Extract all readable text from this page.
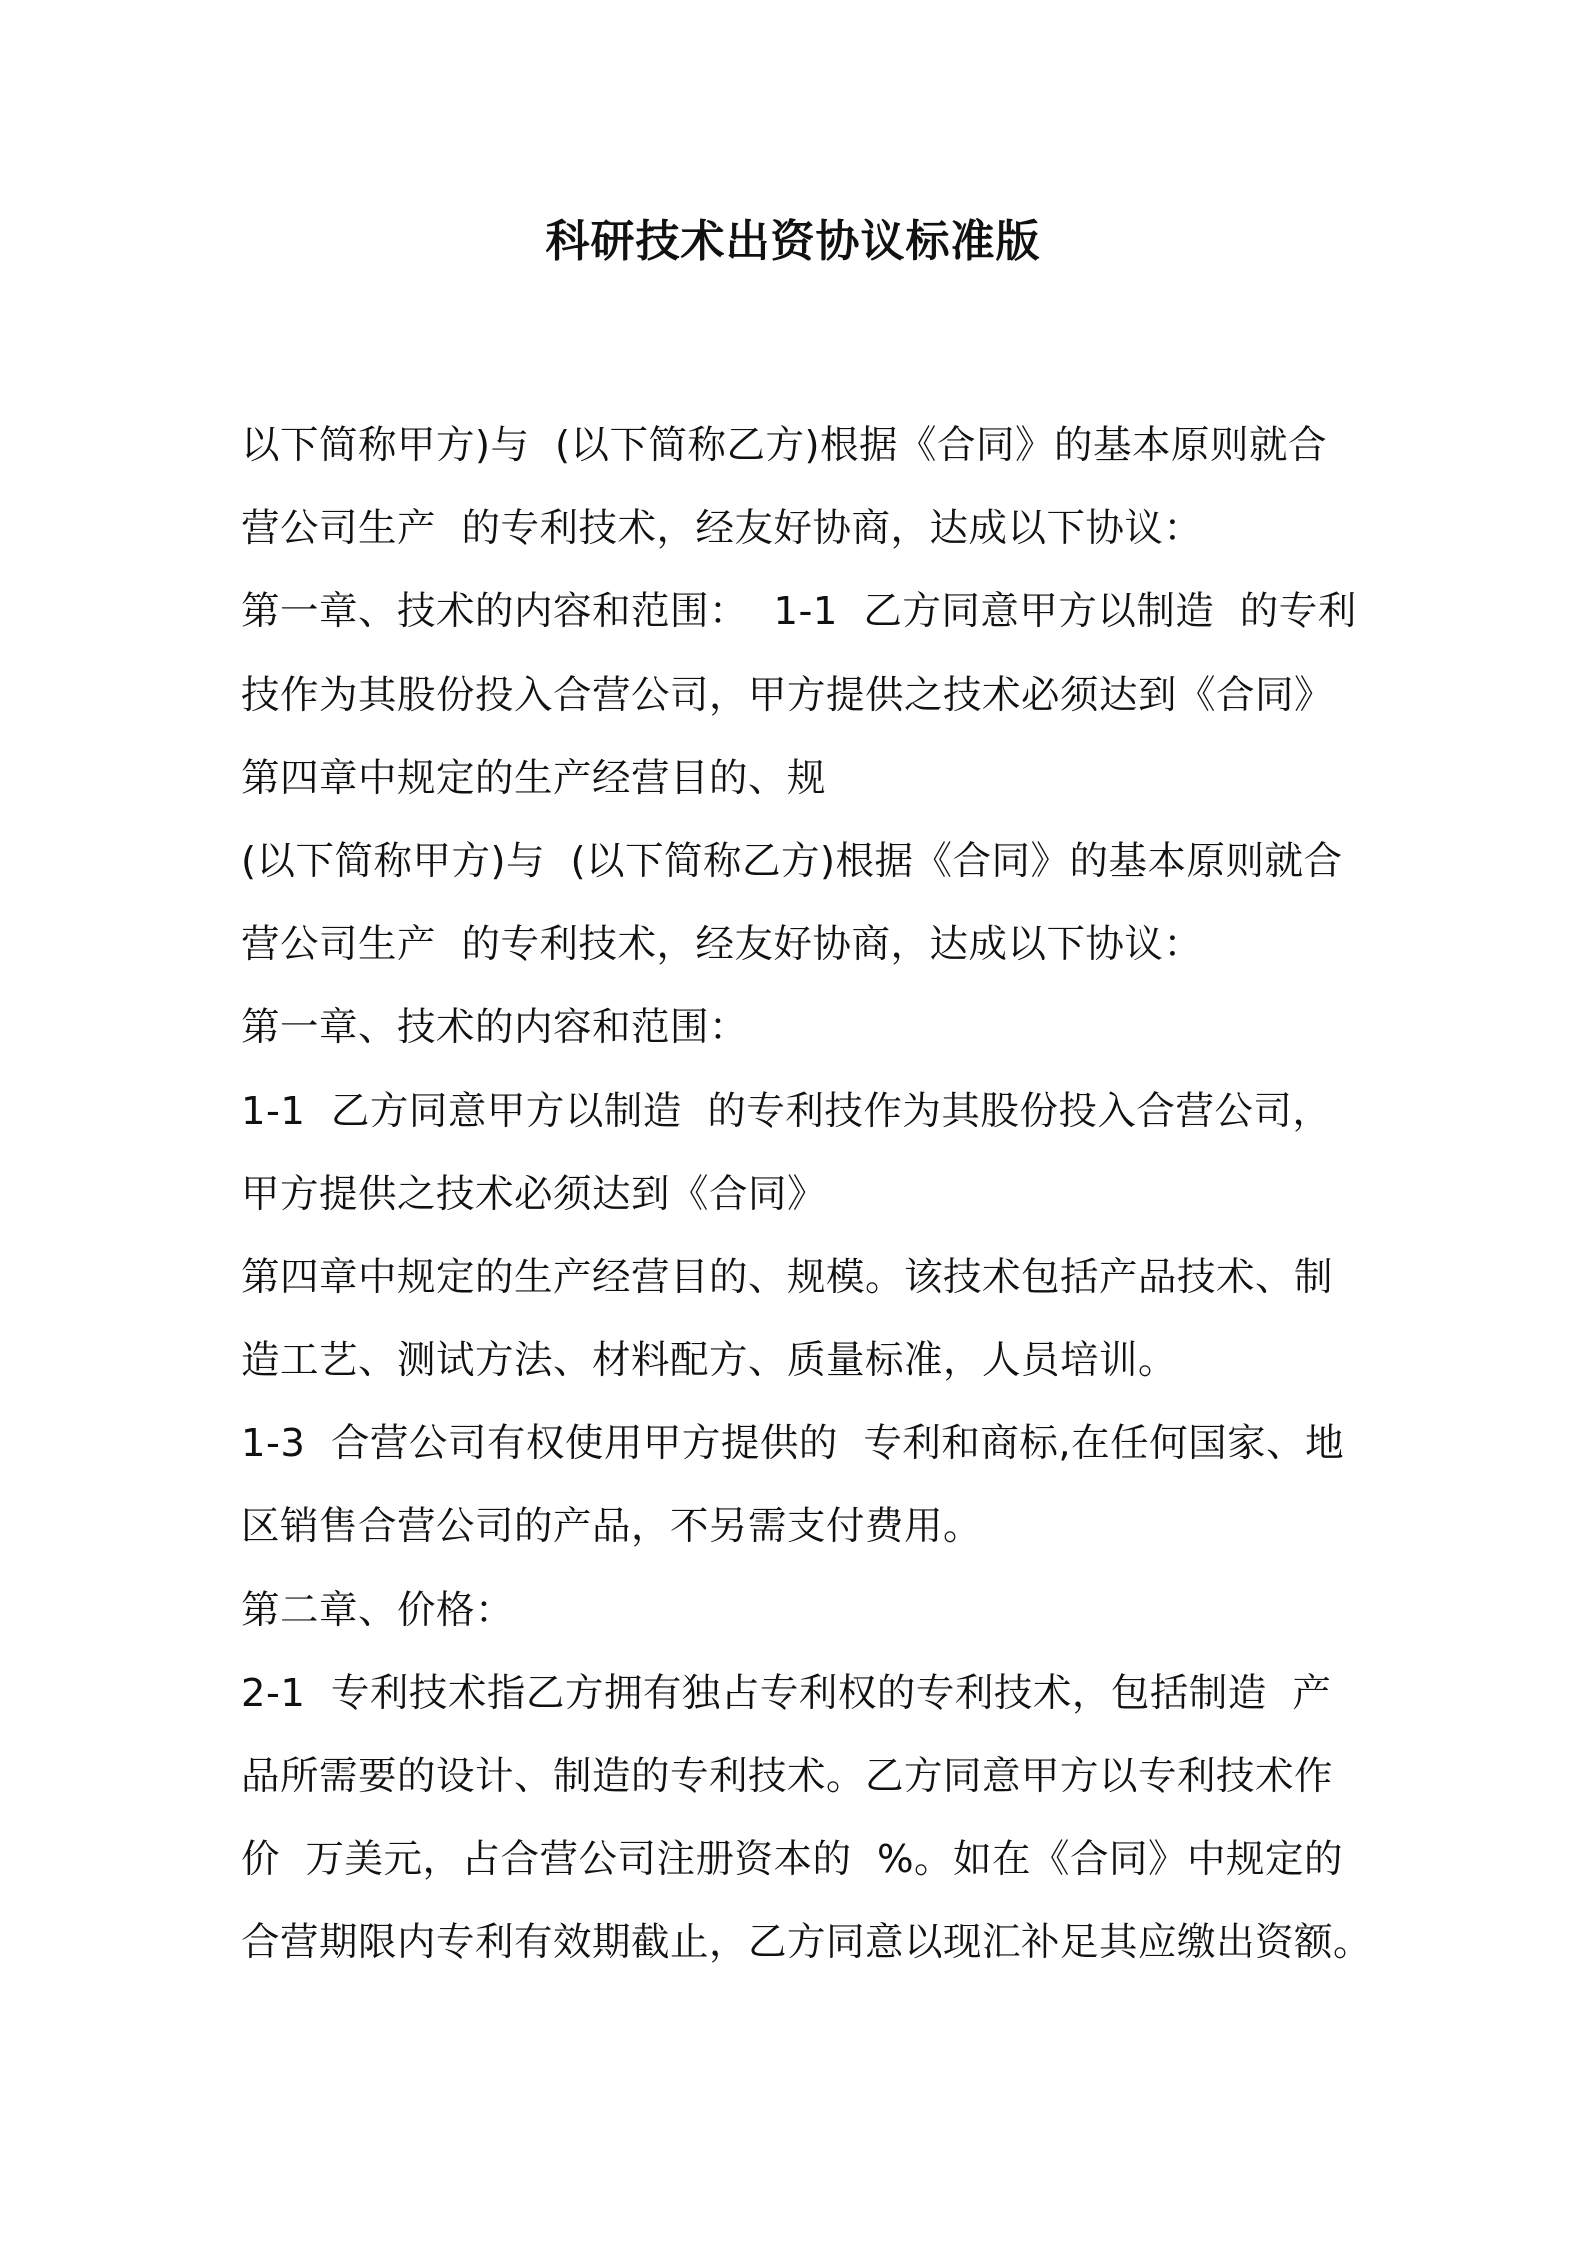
科研技术出资协议标准版
以下简称甲方)与  (以下简称乙方)根据《合同》的基本原则就合
营公司生产  的专利技术，经友好协商，达成以下协议：
第一章、技术的内容和范围：  1-1  乙方同意甲方以制造  的专利
技作为其股份投入合营公司，甲方提供之技术必须达到《合同》
第四章中规定的生产经营目的、规
(以下简称甲方)与  (以下简称乙方)根据《合同》的基本原则就合
营公司生产  的专利技术，经友好协商，达成以下协议：
第一章、技术的内容和范围：
1-1  乙方同意甲方以制造  的专利技作为其股份投入合营公司，
甲方提供之技术必须达到《合同》
第四章中规定的生产经营目的、规模。该技术包括产品技术、制
造工艺、测试方法、材料配方、质量标准，人员培训。
1-3  合营公司有权使用甲方提供的  专利和商标,在任何国家、地
区销售合营公司的产品，不另需支付费用。
第二章、价格：
2-1  专利技术指乙方拥有独占专利权的专利技术，包括制造  产
品所需要的设计、制造的专利技术。乙方同意甲方以专利技术作
价  万美元，占合营公司注册资本的  %。如在《合同》中规定的
合营期限内专利有效期截止，乙方同意以现汇补足其应缴出资额。
